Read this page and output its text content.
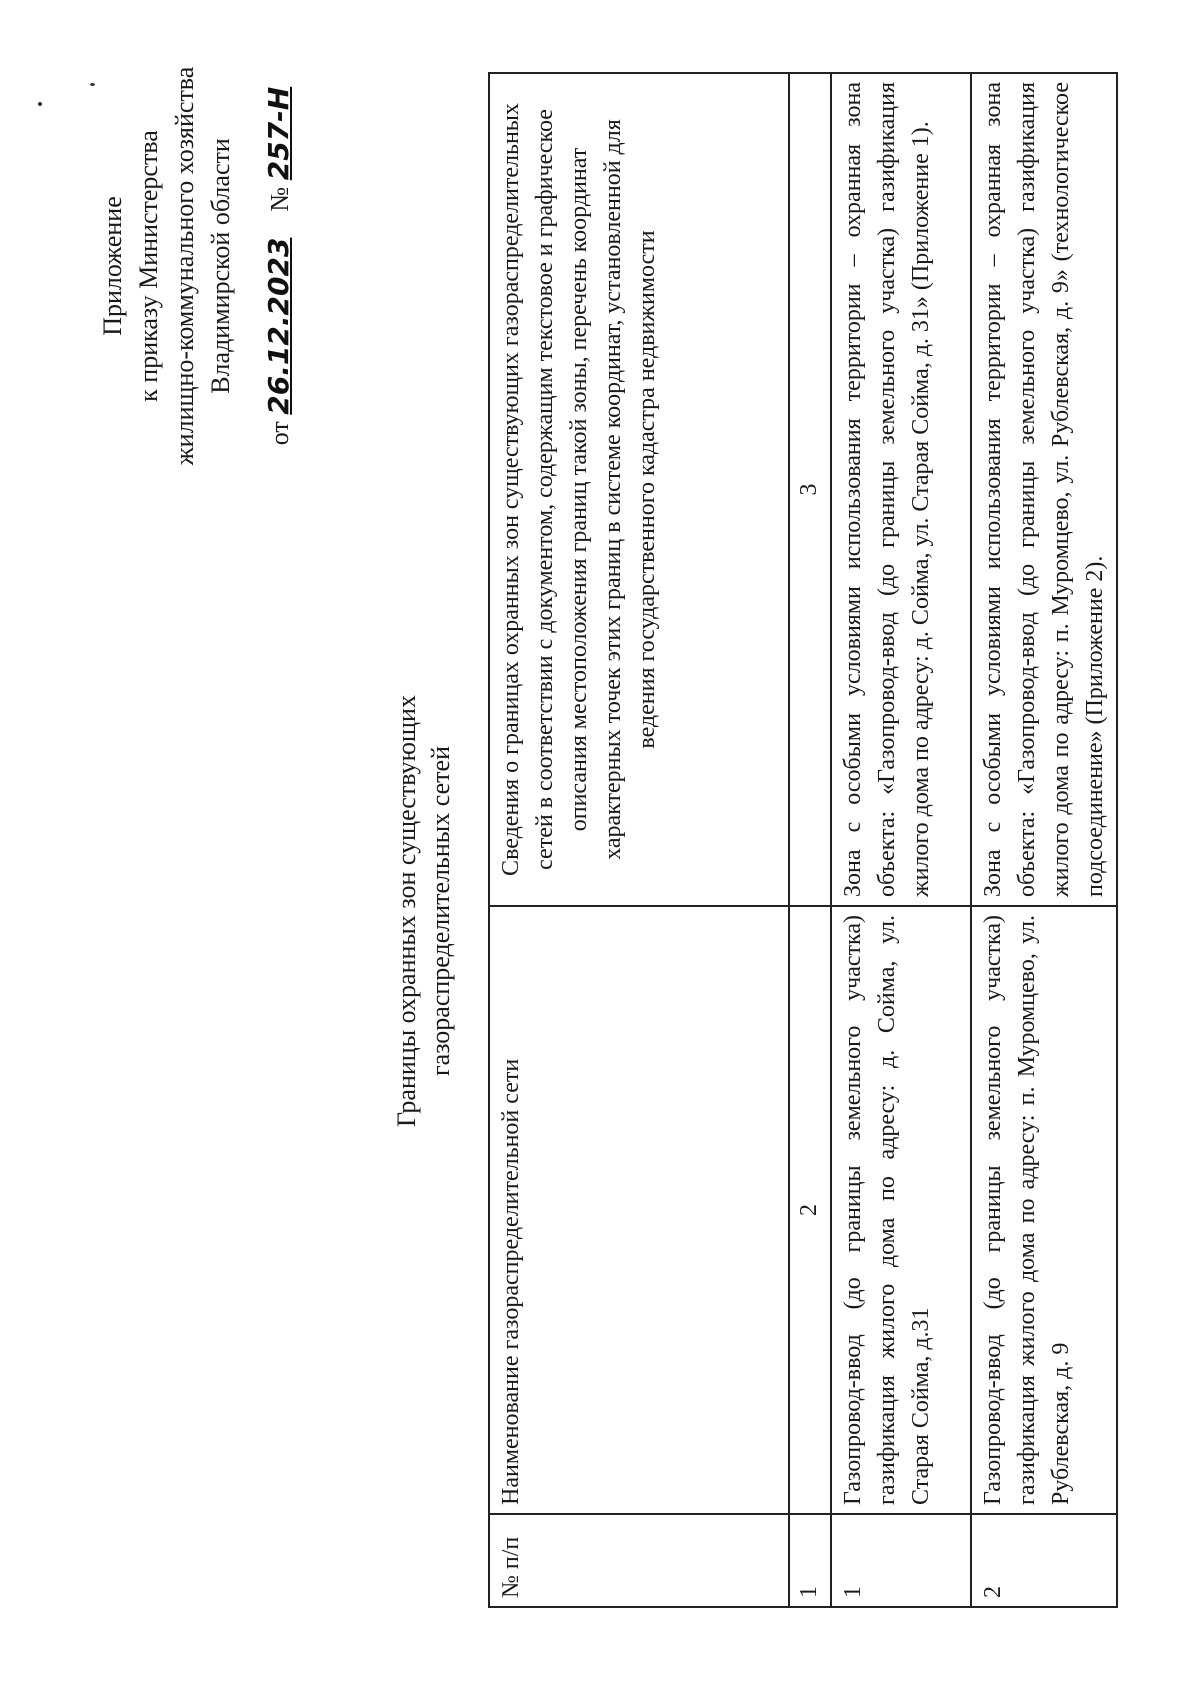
Приложение к приказу Министерства жилищно-коммунального хозяйства Владимирской области
от 26.12.2023    № 257-Н
Границы охранных зон существующих газораспределительных сетей
№ п/п	Наименование газораспределительной сети	Сведения о границах охранных зон существующих газораспределительных сетей в соответствии с документом, содержащим текстовое и графическое описания местоположения границ такой зоны, перечень координат характерных точек этих границ в системе координат, установленной для ведения государственного кадастра недвижимости
1	2	3
1	Газопровод-ввод (до границы земельного участка) газификация жилого дома по адресу: д. Сойма, ул. Старая Сойма, д.31	Зона с особыми условиями использования территории – охранная зона объекта: «Газопровод-ввод (до границы земельного участка) газификация жилого дома по адресу: д. Сойма, ул. Старая Сойма, д. 31» (Приложение 1).
2	Газопровод-ввод (до границы земельного участка) газификация жилого дома по адресу: п. Муромцево, ул. Рублевская, д. 9	Зона с особыми условиями использования территории – охранная зона объекта: «Газопровод-ввод (до границы земельного участка) газификация жилого дома по адресу: п. Муромцево, ул. Рублевская, д. 9» (технологическое подсоединение» (Приложение 2).
